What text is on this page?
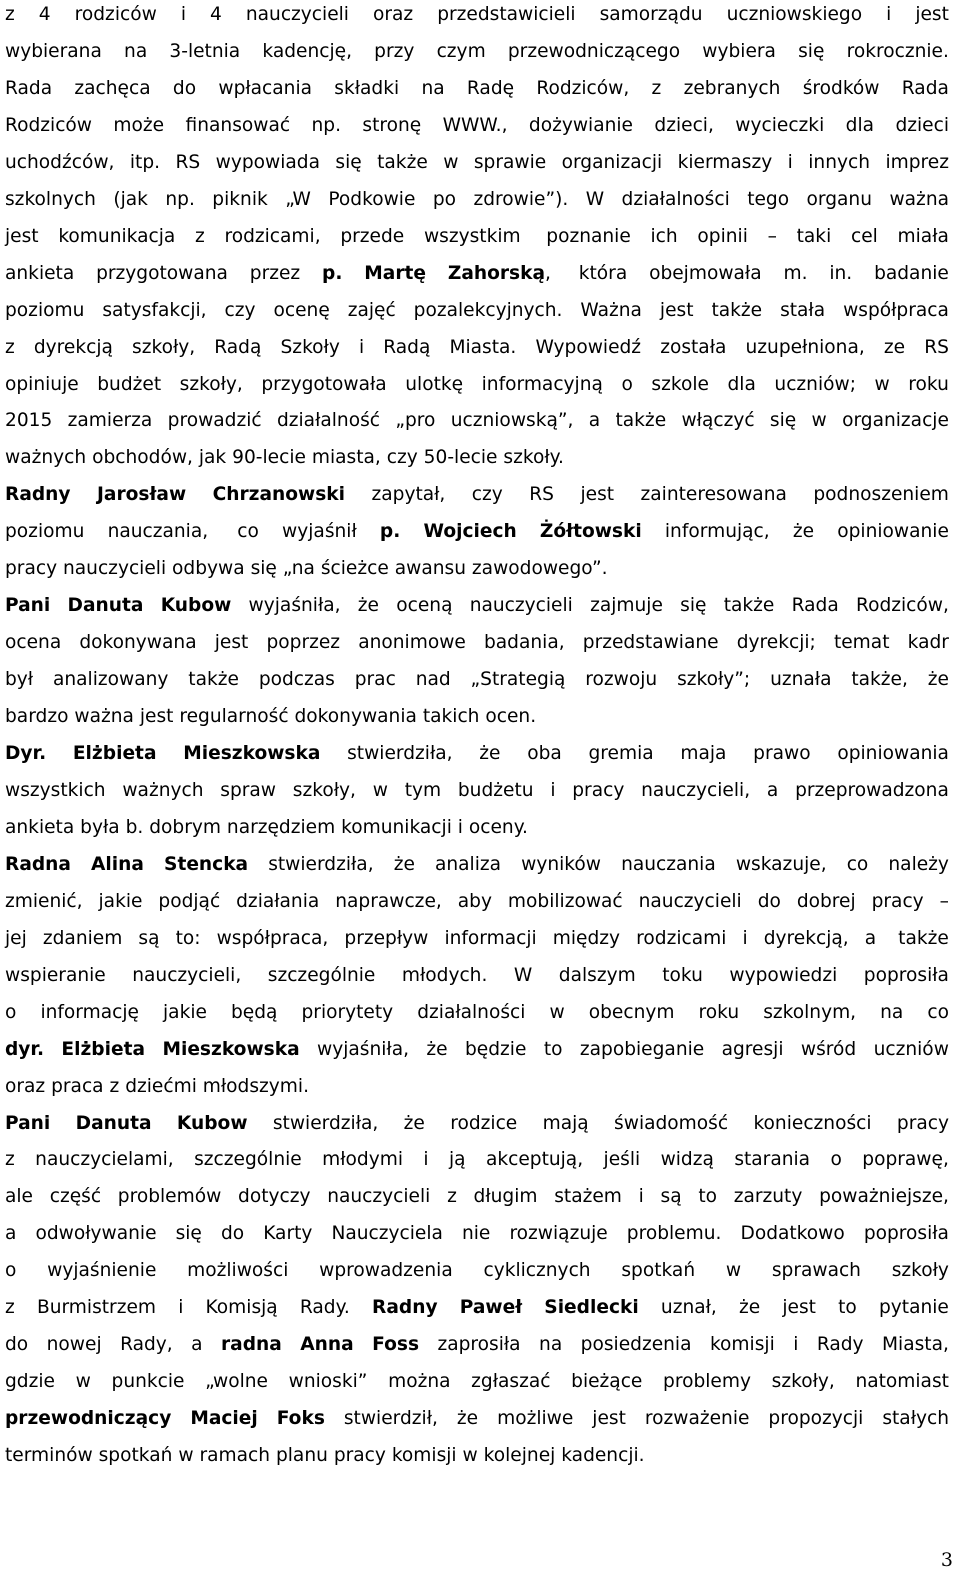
z 4 rodziców i 4 nauczycieli oraz przedstawicieli samorządu uczniowskiego i jest
wybierana na 3-letnia kadencję, przy czym przewodniczącego wybiera się rokrocznie.
Rada zachęca do wpłacania składki na Radę Rodziców, z zebranych środków Rada
Rodziców może finansować np. stronę WWW., dożywianie dzieci, wycieczki dla dzieci
uchodźców, itp. RS wypowiada się także w sprawie organizacji kiermaszy i innych imprez
szkolnych (jak np. piknik „W Podkowie po zdrowie”). W działalności tego organu ważna
jest komunikacja z rodzicami, przede wszystkim	poznanie ich opinii – taki cel miała
ankieta przygotowana przez p. Martę Zahorską,	która obejmowała m. in. badanie
poziomu satysfakcji, czy ocenę zajęć pozalekcyjnych. Ważna jest także stała współpraca
z dyrekcją szkoły, Radą Szkoły i Radą Miasta. Wypowiedź została uzupełniona, ze RS
opiniuje budżet szkoły, przygotowała ulotkę informacyjną o szkole dla uczniów; w roku
2015 zamierza prowadzić działalność „pro uczniowską”, a także włączyć się w organizacje
ważnych obchodów, jak 90-lecie miasta, czy 50-lecie szkoły.
Radny Jarosław Chrzanowski zapytał, czy RS jest zainteresowana podnoszeniem
poziomu nauczania,	co wyjaśnił p. Wojciech Żółtowski informując, że opiniowanie
pracy nauczycieli odbywa się „na ścieżce awansu zawodowego”.
Pani Danuta Kubow wyjaśniła, że oceną nauczycieli zajmuje się także Rada Rodziców,
ocena dokonywana jest poprzez anonimowe badania, przedstawiane dyrekcji; temat kadr
był analizowany także podczas prac nad „Strategią rozwoju szkoły”; uznała także, że
bardzo ważna jest regularność dokonywania takich ocen.
Dyr. Elżbieta Mieszkowska stwierdziła, że oba gremia maja prawo opiniowania
wszystkich ważnych spraw szkoły, w tym budżetu i pracy nauczycieli, a przeprowadzona
ankieta była b. dobrym narzędziem komunikacji i oceny.
Radna Alina Stencka stwierdziła, że analiza wyników nauczania wskazuje, co należy
zmienić, jakie podjąć działania naprawcze, aby mobilizować nauczycieli do dobrej pracy –
jej zdaniem są to: współpraca, przepływ informacji między rodzicami i dyrekcją, a	także
wspieranie nauczycieli, szczególnie młodych. W dalszym toku wypowiedzi poprosiła
o informację jakie będą priorytety działalności w obecnym roku szkolnym, na co
dyr. Elżbieta Mieszkowska wyjaśniła, że będzie to zapobieganie agresji wśród uczniów
oraz praca z dziećmi młodszymi.
Pani Danuta Kubow stwierdziła, że rodzice mają świadomość konieczności pracy
z nauczycielami, szczególnie młodymi i ją akceptują, jeśli widzą starania o poprawę,
ale część problemów dotyczy nauczycieli z długim stażem i są to zarzuty poważniejsze,
a odwoływanie się do Karty Nauczyciela nie rozwiązuje problemu. Dodatkowo poprosiła
o wyjaśnienie możliwości wprowadzenia cyklicznych spotkań w sprawach szkoły
z Burmistrzem i Komisją Rady. Radny Paweł Siedlecki uznał, że jest to pytanie
do nowej Rady, a radna Anna Foss zaprosiła na posiedzenia komisji i Rady Miasta,
gdzie w punkcie „wolne wnioski” można zgłaszać bieżące problemy szkoły, natomiast
przewodniczący Maciej Foks stwierdził, że możliwe jest rozważenie propozycji stałych
terminów spotkań w ramach planu pracy komisji w kolejnej kadencji.
3
